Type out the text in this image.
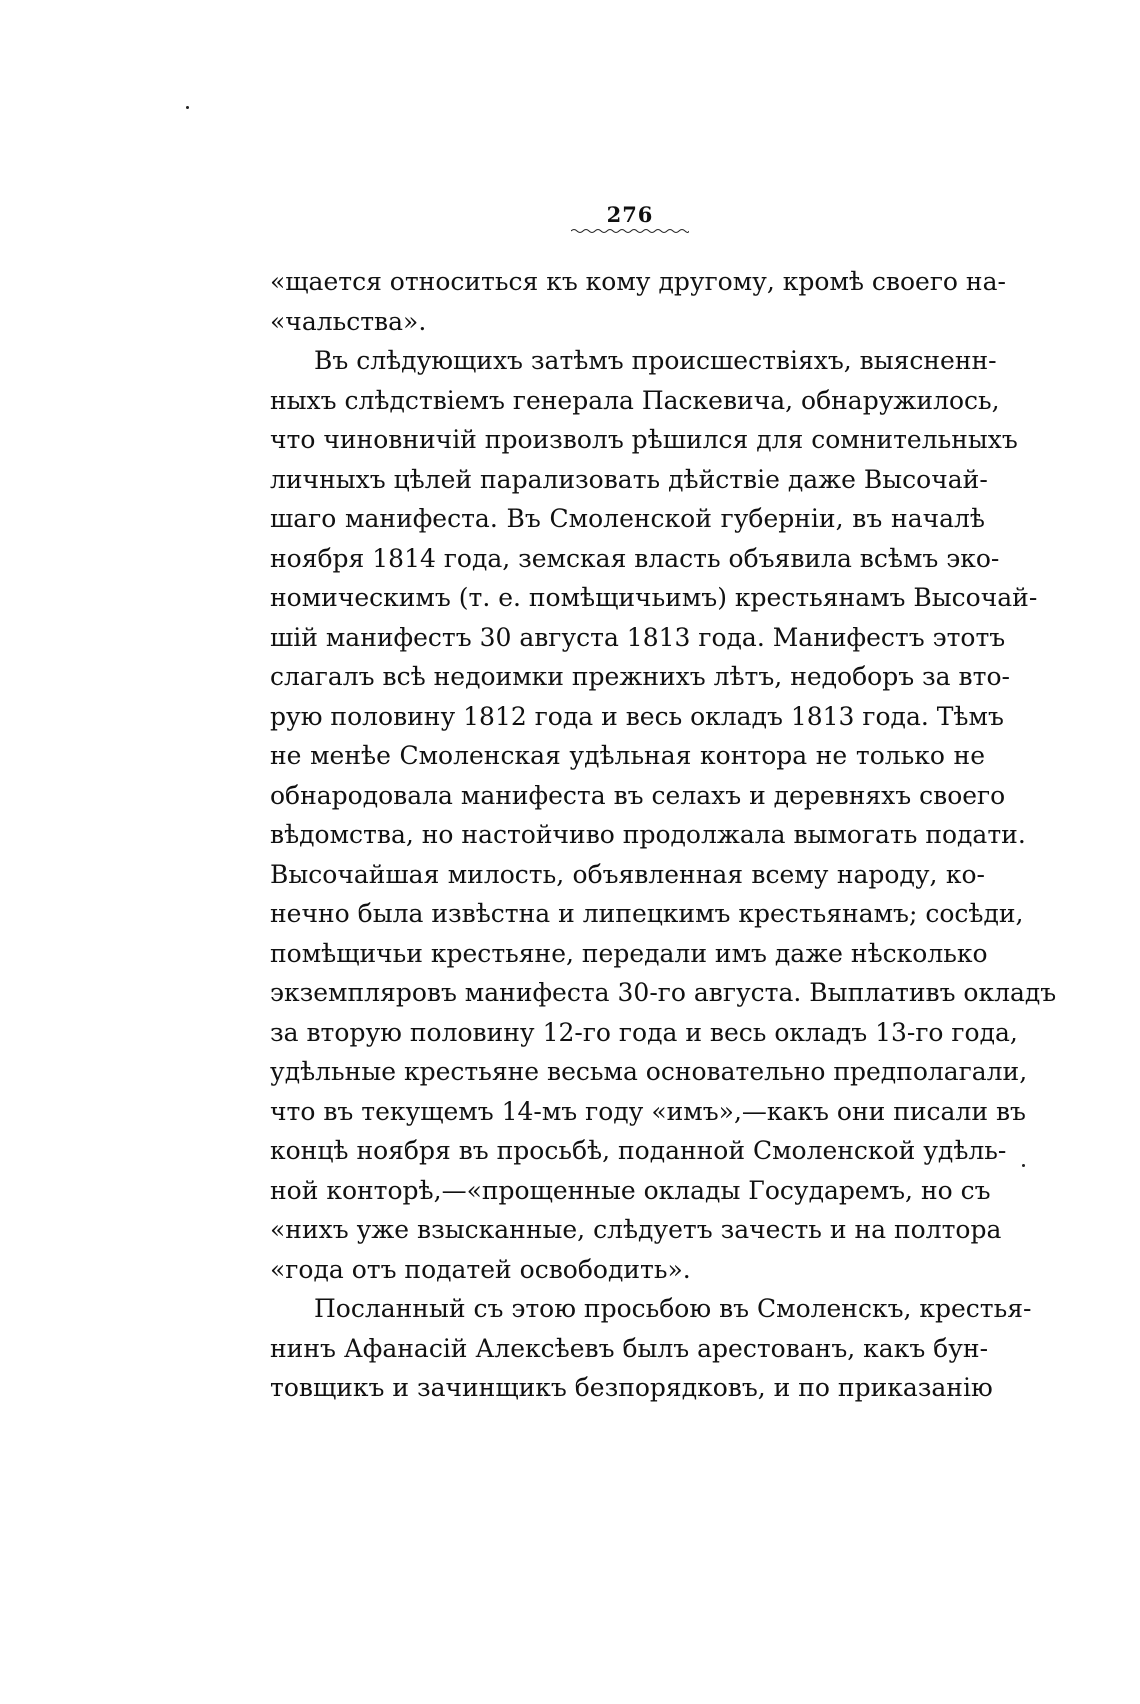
276
«щается относиться къ кому другому, кромѣ своего на-
«чальства».
Въ слѣдующихъ затѣмъ происшествіяхъ, выясненн-
ныхъ слѣдствіемъ генерала Паскевича, обнаружилось,
что чиновничій произволъ рѣшился для сомнительныхъ
личныхъ цѣлей парализовать дѣйствіе даже Высочай-
шаго манифеста. Въ Смоленской губерніи, въ началѣ
ноября 1814 года, земская власть объявила всѣмъ эко-
номическимъ (т. е. помѣщичьимъ) крестьянамъ Высочай-
шій манифестъ 30 августа 1813 года. Манифестъ этотъ
слагалъ всѣ недоимки прежнихъ лѣтъ, недоборъ за вто-
рую половину 1812 года и весь окладъ 1813 года. Тѣмъ
не менѣе Смоленская удѣльная контора не только не
обнародовала манифеста въ селахъ и деревняхъ своего
вѣдомства, но настойчиво продолжала вымогать подати.
Высочайшая милость, объявленная всему народу, ко-
нечно была извѣстна и липецкимъ крестьянамъ; сосѣди,
помѣщичьи крестьяне, передали имъ даже нѣсколько
экземпляровъ манифеста 30-го августа. Выплативъ окладъ
за вторую половину 12-го года и весь окладъ 13-го года,
удѣльные крестьяне весьма основательно предполагали,
что въ текущемъ 14-мъ году «имъ»,—какъ они писали въ
концѣ ноября въ просьбѣ, поданной Смоленской удѣль-
ной конторѣ,—«прощенные оклады Государемъ, но съ
«нихъ уже взысканные, слѣдуетъ зачесть и на полтора
«года отъ податей освободить».
Посланный съ этою просьбою въ Смоленскъ, крестья-
нинъ Афанасій Алексѣевъ былъ арестованъ, какъ бун-
товщикъ и зачинщикъ безпорядковъ, и по приказанію
